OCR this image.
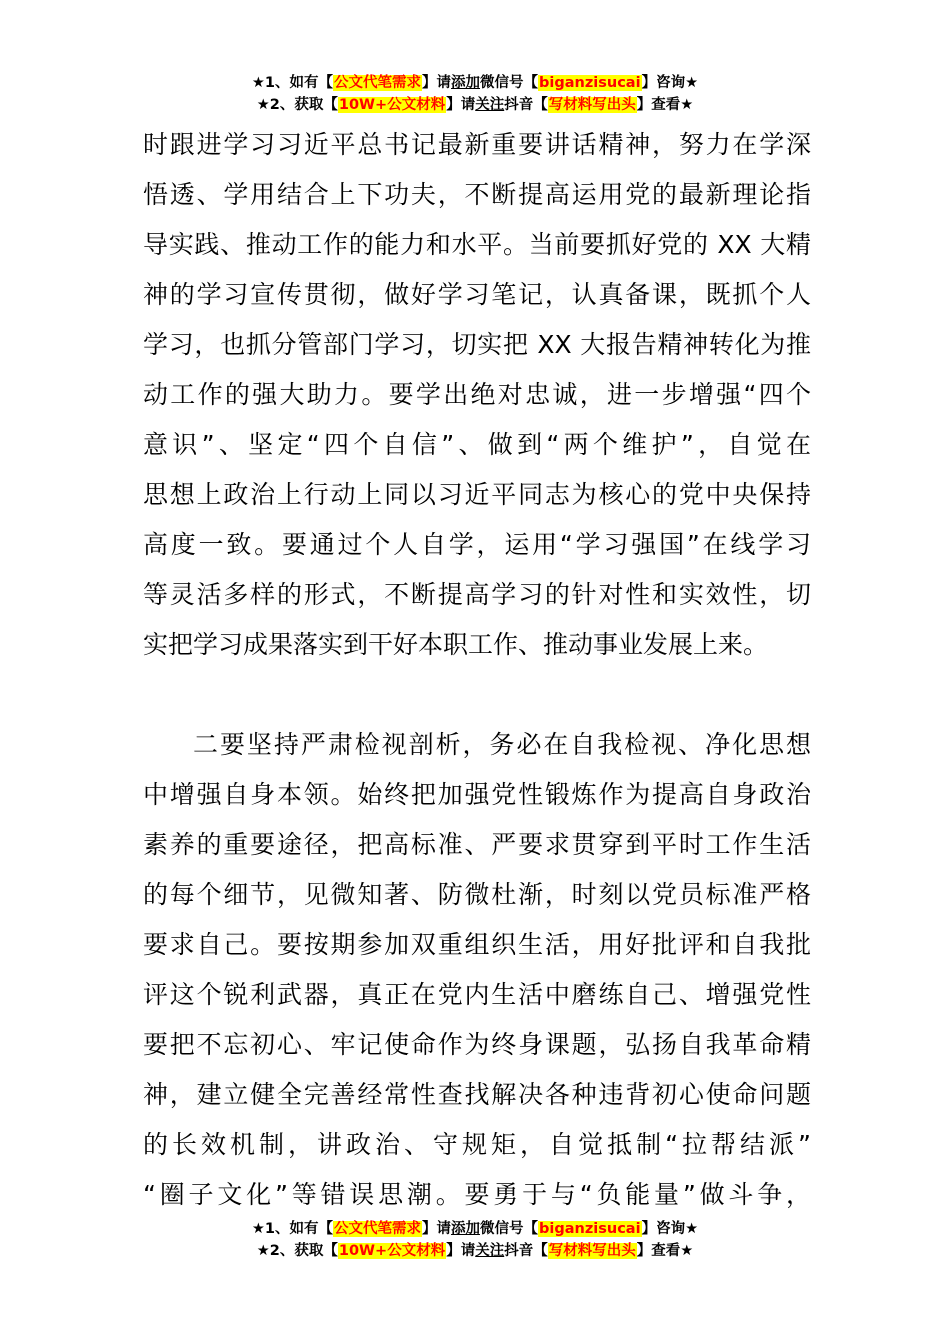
★1、如有【公文代笔需求】请添加微信号【biganzisucai】咨询★
★2、获取【10W+公文材料】请关注抖音【写材料写出头】查看★
时跟进学习习近平总书记最新重要讲话精神，努力在学深
悟透、学用结合上下功夫，不断提高运用党的最新理论指
导实践、推动工作的能力和水平。当前要抓好党的 XX 大精
神的学习宣传贯彻，做好学习笔记，认真备课，既抓个人
学习，也抓分管部门学习，切实把 XX 大报告精神转化为推
动工作的强大助力。要学出绝对忠诚，进一步增强“四个
意识”、坚定“四个自信”、做到“两个维护”，自觉在
思想上政治上行动上同以习近平同志为核心的党中央保持
高度一致。要通过个人自学，运用“学习强国”在线学习
等灵活多样的形式，不断提高学习的针对性和实效性，切
实把学习成果落实到干好本职工作、推动事业发展上来。
二要坚持严肃检视剖析，务必在自我检视、净化思想
中增强自身本领。始终把加强党性锻炼作为提高自身政治
素养的重要途径，把高标准、严要求贯穿到平时工作生活
的每个细节，见微知著、防微杜渐，时刻以党员标准严格
要求自己。要按期参加双重组织生活，用好批评和自我批
评这个锐利武器，真正在党内生活中磨练自己、增强党性
要把不忘初心、牢记使命作为终身课题，弘扬自我革命精
神，建立健全完善经常性查找解决各种违背初心使命问题
的长效机制，讲政治、守规矩，自觉抵制“拉帮结派”
“圈子文化”等错误思潮。要勇于与“负能量”做斗争，
★1、如有【公文代笔需求】请添加微信号【biganzisucai】咨询★
★2、获取【10W+公文材料】请关注抖音【写材料写出头】查看★
